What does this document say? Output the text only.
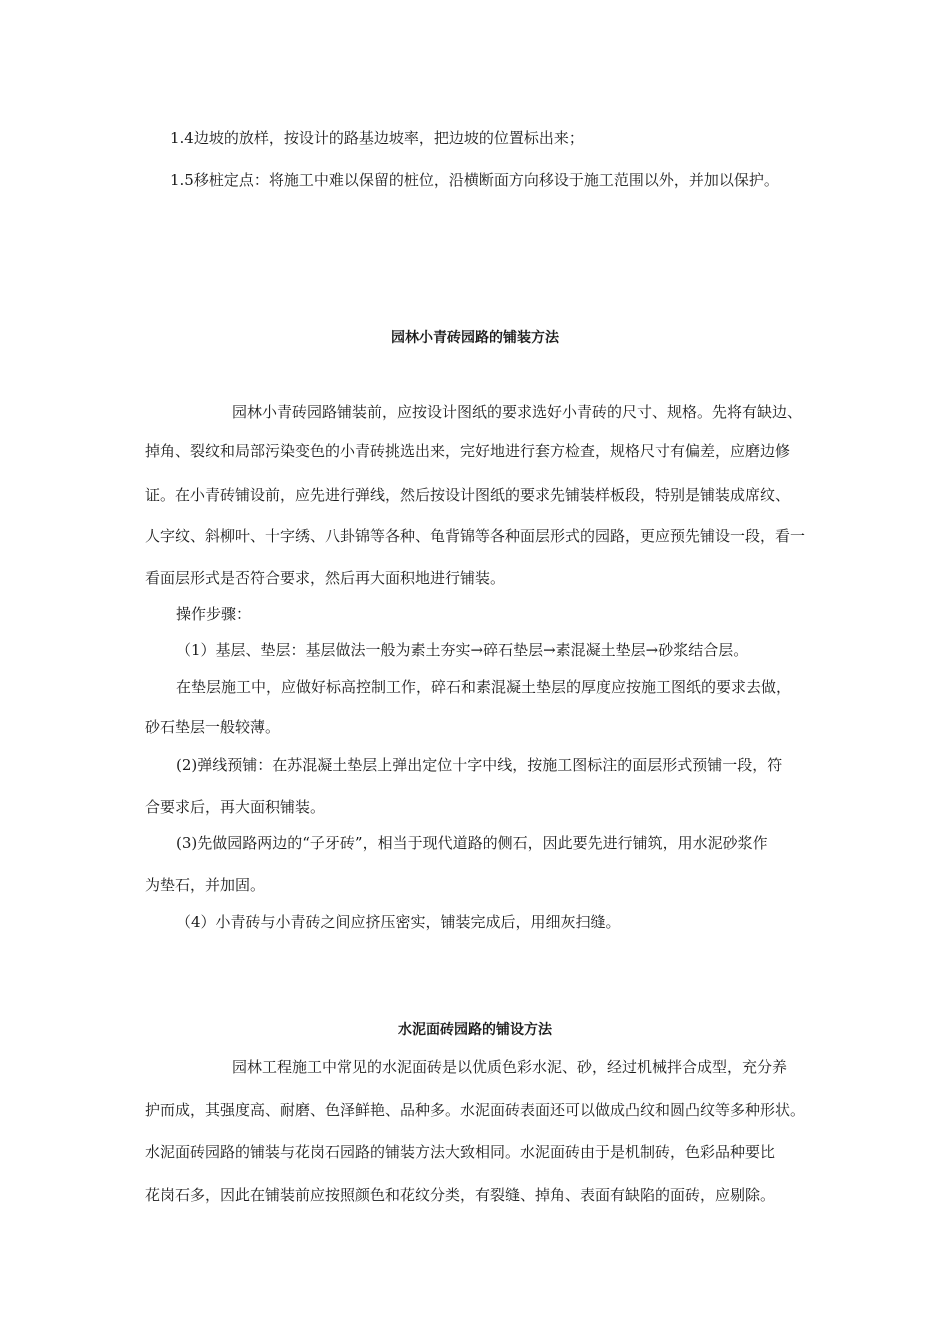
1.4边坡的放样，按设计的路基边坡率，把边坡的位置标出来；
1.5移桩定点：将施工中难以保留的桩位，沿横断面方向移设于施工范围以外，并加以保护。
园林小青砖园路的铺装方法
园林小青砖园路铺装前，应按设计图纸的要求选好小青砖的尺寸、规格。先将有缺边、
掉角、裂纹和局部污染变色的小青砖挑选出来，完好地进行套方检查，规格尺寸有偏差，应磨边修
证。在小青砖铺设前，应先进行弹线，然后按设计图纸的要求先铺装样板段，特别是铺装成席纹、
人字纹、斜柳叶、十字绣、八卦锦等各种、龟背锦等各种面层形式的园路，更应预先铺设一段，看一
看面层形式是否符合要求，然后再大面积地进行铺装。
操作步骤：
（1）基层、垫层：基层做法一般为素土夯实→碎石垫层→素混凝土垫层→砂浆结合层。
在垫层施工中，应做好标高控制工作，碎石和素混凝土垫层的厚度应按施工图纸的要求去做，
砂石垫层一般较薄。
(2)弹线预铺：在苏混凝土垫层上弹出定位十字中线，按施工图标注的面层形式预铺一段，符
合要求后，再大面积铺装。
(3)先做园路两边的“子牙砖”，相当于现代道路的侧石，因此要先进行铺筑，用水泥砂浆作
为垫石，并加固。
（4）小青砖与小青砖之间应挤压密实，铺装完成后，用细灰扫缝。
水泥面砖园路的铺设方法
园林工程施工中常见的水泥面砖是以优质色彩水泥、砂，经过机械拌合成型，充分养
护而成，其强度高、耐磨、色泽鲜艳、品种多。水泥面砖表面还可以做成凸纹和圆凸纹等多种形状。
水泥面砖园路的铺装与花岗石园路的铺装方法大致相同。水泥面砖由于是机制砖，色彩品种要比
花岗石多，因此在铺装前应按照颜色和花纹分类，有裂缝、掉角、表面有缺陷的面砖，应剔除。
